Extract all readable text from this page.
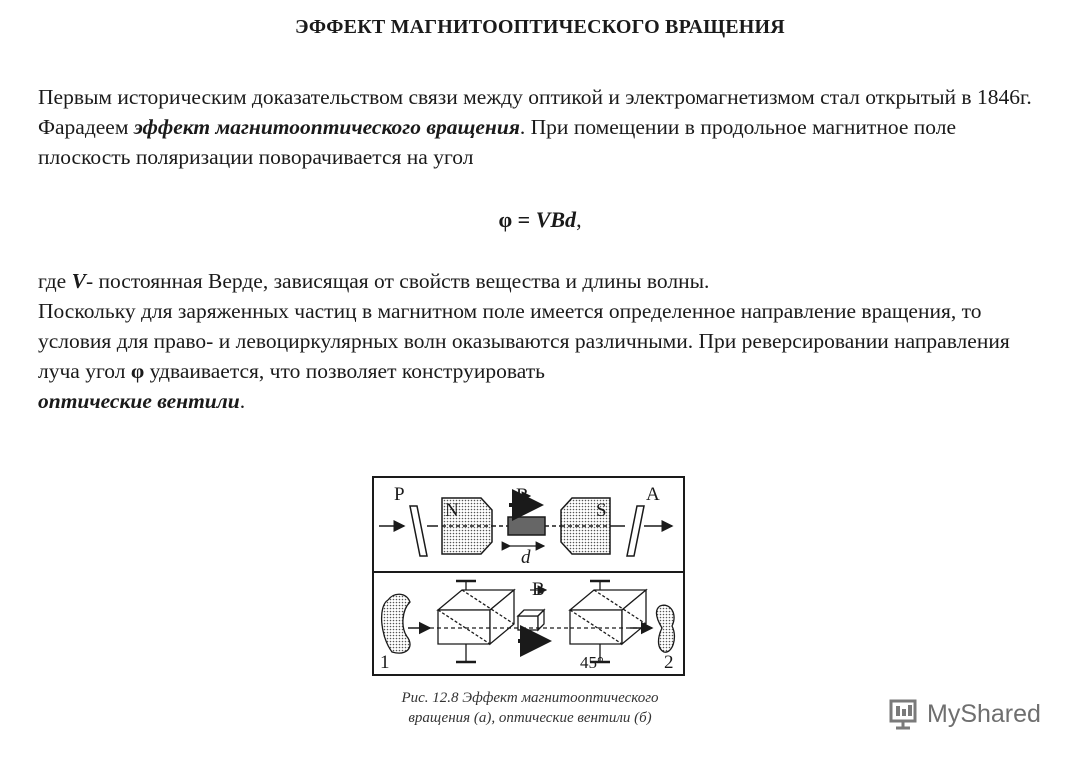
ЭФФЕКТ МАГНИТООПТИЧЕСКОГО ВРАЩЕНИЯ
Первым историческим доказательством связи между оптикой и электромагнетизмом стал открытый в 1846г. Фарадеем эффект магнитооптического вращения. При помещении в продольное магнитное поле плоскость поляризации поворачивается на угол
φ = VBd,
где V- постоянная Верде, зависящая от свойств вещества и длины волны.
Поскольку для заряженных частиц в магнитном поле имеется определенное направление вращения, то условия для право- и левоциркулярных волн оказываются различными. При реверсировании направления луча угол φ удваивается, что позволяет конструировать
оптические вентили.
P	A
N	S
B
d
B
1	2
45°
Рис. 12.8 Эффект магнитооптического
вращения (а), оптические вентили (б)	MyShared
